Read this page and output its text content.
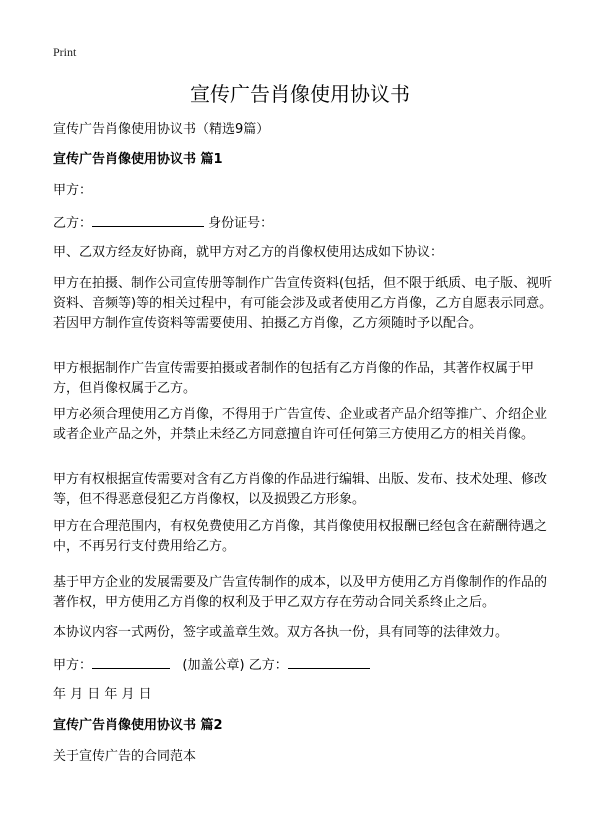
Print
宣传广告肖像使用协议书

宣传广告肖像使用协议书（精选9篇）

宣传广告肖像使用协议书 篇1

甲方：

乙方：	身份证号：

甲、乙双方经友好协商，就甲方对乙方的肖像权使用达成如下协议：

甲方在拍摄、制作公司宣传册等制作广告宣传资料(包括，但不限于纸质、电子版、视听资料、音频等)等的相关过程中，有可能会涉及或者使用乙方肖像，乙方自愿表示同意。若因甲方制作宣传资料等需要使用、拍摄乙方肖像，乙方须随时予以配合。

甲方根据制作广告宣传需要拍摄或者制作的包括有乙方肖像的作品，其著作权属于甲方，但肖像权属于乙方。

甲方必须合理使用乙方肖像，不得用于广告宣传、企业或者产品介绍等推广、介绍企业或者企业产品之外，并禁止未经乙方同意擅自许可任何第三方使用乙方的相关肖像。

甲方有权根据宣传需要对含有乙方肖像的作品进行编辑、出版、发布、技术处理、修改等，但不得恶意侵犯乙方肖像权，以及损毁乙方形象。

甲方在合理范围内，有权免费使用乙方肖像，其肖像使用权报酬已经包含在薪酬待遇之中，不再另行支付费用给乙方。

基于甲方企业的发展需要及广告宣传制作的成本，以及甲方使用乙方肖像制作的作品的著作权，甲方使用乙方肖像的权利及于甲乙双方存在劳动合同关系终止之后。

本协议内容一式两份，签字或盖章生效。双方各执一份，具有同等的法律效力。

甲方：	(加盖公章) 乙方：

年 月 日 年 月 日

宣传广告肖像使用协议书 篇2

关于宣传广告的合同范本
